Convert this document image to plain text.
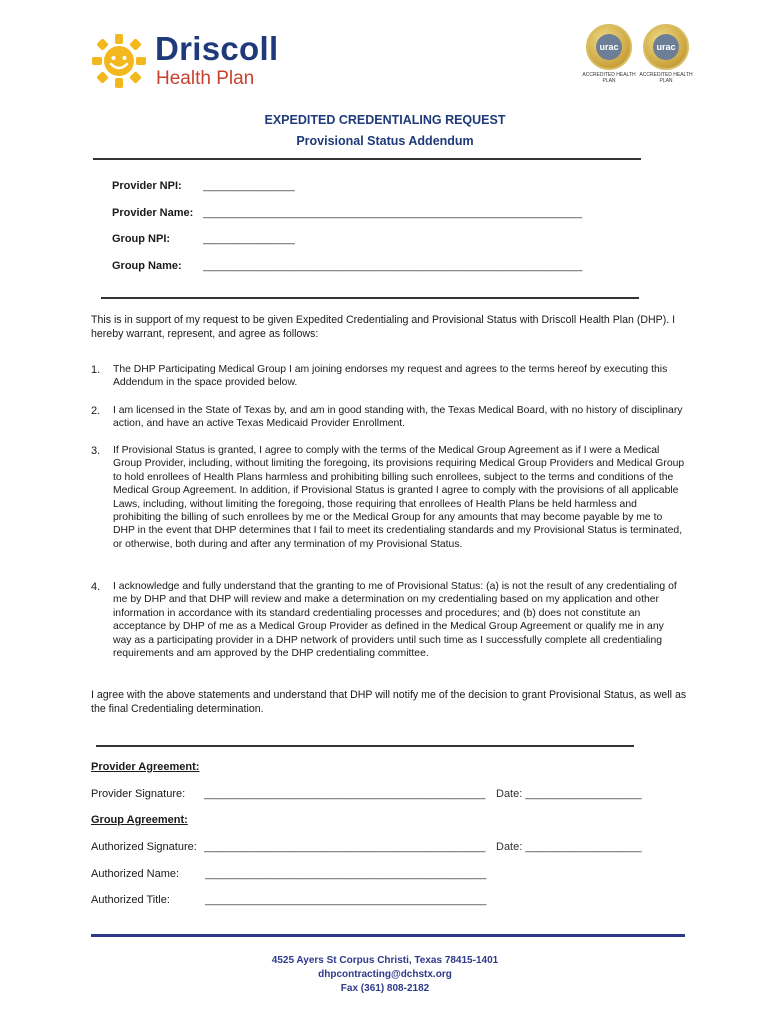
Driscoll
Health Plan
urac
ACCREDITED HEALTH PLAN
urac
ACCREDITED HEALTH PLAN
EXPEDITED CREDENTIALING REQUEST
Provisional Status Addendum
Provider NPI: _______________
Provider Name: ______________________________________________________________
Group NPI:	_______________
Group Name: ______________________________________________________________
This is in support of my request to be given Expedited Credentialing and Provisional Status with Driscoll Health Plan (DHP). I hereby warrant, represent, and agree as follows:
1. The DHP Participating Medical Group I am joining endorses my request and agrees to the terms hereof by executing this Addendum in the space provided below.
2. I am licensed in the State of Texas by, and am in good standing with, the Texas Medical Board, with no history of disciplinary action, and have an active Texas Medicaid Provider Enrollment.
3. If Provisional Status is granted, I agree to comply with the terms of the Medical Group Agreement as if I were a Medical Group Provider, including, without limiting the foregoing, its provisions requiring Medical Group Providers and Medical Group to hold enrollees of Health Plans harmless and prohibiting billing such enrollees, subject to the terms and conditions of the Medical Group Agreement. In addition, if Provisional Status is granted I agree to comply with the provisions of all applicable Laws, including, without limiting the foregoing, those requiring that enrollees of Health Plans be held harmless and prohibiting the billing of such enrollees by me or the Medical Group for any amounts that may become payable by me to DHP in the event that DHP determines that I fail to meet its credentialing standards and my Provisional Status is terminated, or otherwise, both during and after any termination of my Provisional Status.
4. I acknowledge and fully understand that the granting to me of Provisional Status: (a) is not the result of any credentialing of me by DHP and that DHP will review and make a determination on my credentialing based on my application and other information in accordance with its standard credentialing processes and procedures; and (b) does not constitute an acceptance by DHP of me as a Medical Group Provider as defined in the Medical Group Agreement or qualify me in any way as a participating provider in a DHP network of providers until such time as I successfully complete all credentialing requirements and am approved by the DHP credentialing committee.
I agree with the above statements and understand that DHP will notify me of the decision to grant Provisional Status, as well as the final Credentialing determination.
Provider Agreement:
Provider Signature: ______________________________________________ Date: ___________________
Group Agreement:
Authorized Signature: ______________________________________________ Date: ___________________
Authorized Name: ______________________________________________
Authorized Title:	______________________________________________
4525 Ayers St Corpus Christi, Texas 78415-1401
dhpcontracting@dchstx.org
Fax (361) 808-2182
